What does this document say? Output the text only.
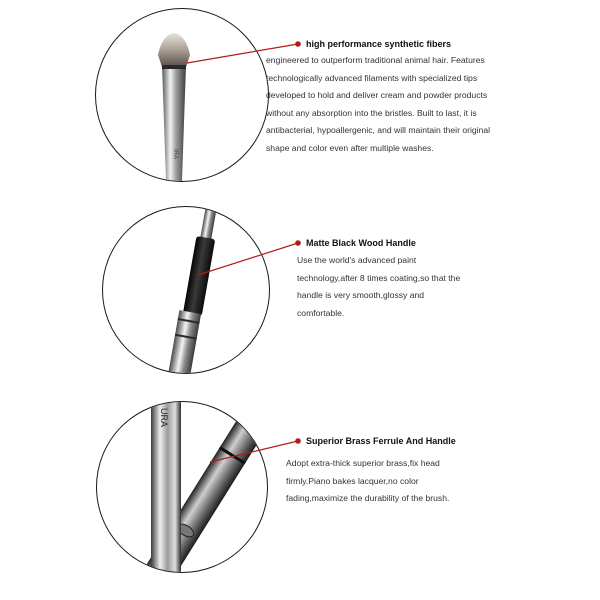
IRA
high performance synthetic fibers
engineered to outperform traditional animal hair. Features
technologically advanced filaments with specialized tips
developed to hold and deliver cream and powder products
without any absorption into the bristles. Built to last, it is
antibacterial, hypoallergenic, and will maintain their original
shape and color even after multiple washes.
Matte Black Wood Handle
Use the world's advanced paint
technology,after 8 times coating,so that the
handle is very smooth,glossy and
comfortable.
URA
Superior Brass Ferrule And Handle
Adopt extra-thick superior brass,fix head
firmly.Piano bakes lacquer,no color
fading,maximize the durability of the brush.
